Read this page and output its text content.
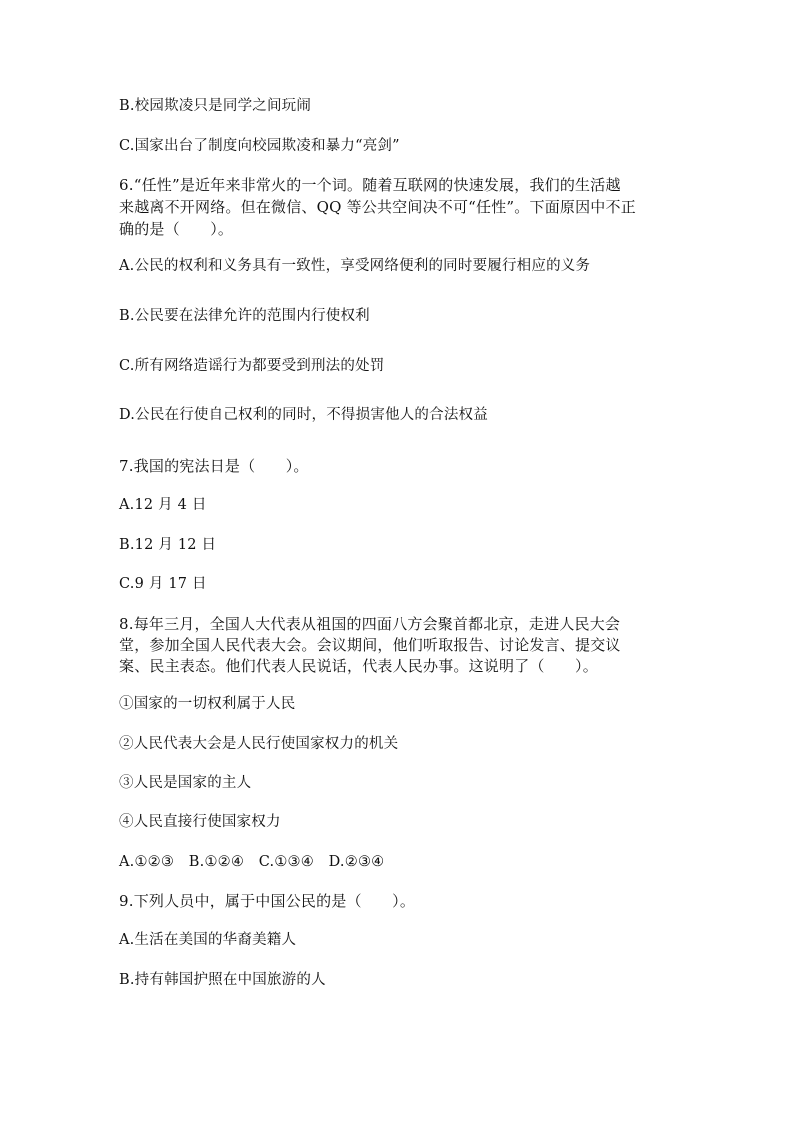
B.校园欺凌只是同学之间玩闹
C.国家出台了制度向校园欺凌和暴力“亮剑”
6.“任性”是近年来非常火的一个词。随着互联网的快速发展，我们的生活越
来越离不开网络。但在微信、QQ 等公共空间决不可“任性”。下面原因中不正
确的是（　　）。
A.公民的权利和义务具有一致性，享受网络便利的同时要履行相应的义务
B.公民要在法律允许的范围内行使权利
C.所有网络造谣行为都要受到刑法的处罚
D.公民在行使自己权利的同时，不得损害他人的合法权益
7.我国的宪法日是（　　）。
A.12 月 4 日
B.12 月 12 日
C.9 月 17 日
8.每年三月，全国人大代表从祖国的四面八方会聚首都北京，走进人民大会
堂，参加全国人民代表大会。会议期间，他们听取报告、讨论发言、提交议
案、民主表态。他们代表人民说话，代表人民办事。这说明了（　　）。
①国家的一切权利属于人民
②人民代表大会是人民行使国家权力的机关
③人民是国家的主人
④人民直接行使国家权力
A.①②③　B.①②④　C.①③④　D.②③④
9.下列人员中，属于中国公民的是（　　）。
A.生活在美国的华裔美籍人
B.持有韩国护照在中国旅游的人
